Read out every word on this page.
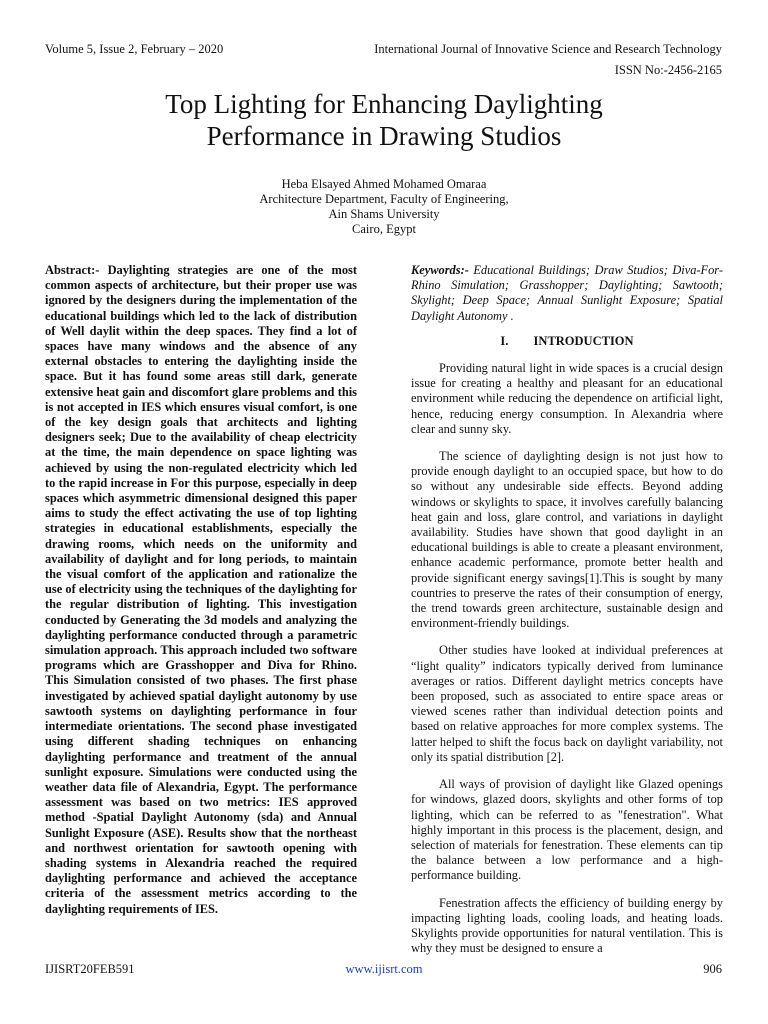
Volume 5, Issue 2, February – 2020	International Journal of Innovative Science and Research Technology
ISSN No:-2456-2165
Top Lighting for Enhancing Daylighting
Performance in Drawing Studios
Heba Elsayed Ahmed Mohamed Omaraa
Architecture Department, Faculty of Engineering,
Ain Shams University
Cairo, Egypt

Abstract:- Daylighting strategies are one of the most common aspects of architecture, but their proper use was ignored by the designers during the implementation of the educational buildings which led to the lack of distribution of Well daylit within the deep spaces. They find a lot of spaces have many windows and the absence of any external obstacles to entering the daylighting inside the space. But it has found some areas still dark, generate extensive heat gain and discomfort glare problems and this is not accepted in IES which ensures visual comfort, is one of the key design goals that architects and lighting designers seek; Due to the availability of cheap electricity at the time, the main dependence on space lighting was achieved by using the non-regulated electricity which led to the rapid increase in For this purpose, especially in deep spaces which asymmetric dimensional designed this paper aims to study the effect activating the use of top lighting strategies in educational establishments, especially the drawing rooms, which needs on the uniformity and availability of daylight and for long periods, to maintain the visual comfort of the application and rationalize the use of electricity using the techniques of the daylighting for the regular distribution of lighting. This investigation conducted by Generating the 3d models and analyzing the daylighting performance conducted through a parametric simulation approach. This approach included two software programs which are Grasshopper and Diva for Rhino. This Simulation consisted of two phases. The first phase investigated by achieved spatial daylight autonomy by use sawtooth systems on daylighting performance in four intermediate orientations. The second phase investigated using different shading techniques on enhancing daylighting performance and treatment of the annual sunlight exposure. Simulations were conducted using the weather data file of Alexandria, Egypt. The performance assessment was based on two metrics: IES approved method -Spatial Daylight Autonomy (sda) and Annual Sunlight Exposure (ASE). Results show that the northeast and northwest orientation for sawtooth opening with shading systems in Alexandria reached the required daylighting performance and achieved the acceptance criteria of the assessment metrics according to the daylighting requirements of IES.

Keywords:- Educational Buildings; Draw Studios; Diva-For-Rhino Simulation; Grasshopper; Daylighting; Sawtooth; Skylight; Deep Space; Annual Sunlight Exposure; Spatial Daylight Autonomy .

I. INTRODUCTION

Providing natural light in wide spaces is a crucial design issue for creating a healthy and pleasant for an educational environment while reducing the dependence on artificial light, hence, reducing energy consumption. In Alexandria where clear and sunny sky.

The science of daylighting design is not just how to provide enough daylight to an occupied space, but how to do so without any undesirable side effects. Beyond adding windows or skylights to space, it involves carefully balancing heat gain and loss, glare control, and variations in daylight availability. Studies have shown that good daylight in an educational buildings is able to create a pleasant environment, enhance academic performance, promote better health and provide significant energy savings[1].This is sought by many countries to preserve the rates of their consumption of energy, the trend towards green architecture, sustainable design and environment-friendly buildings.

Other studies have looked at individual preferences at “light quality” indicators typically derived from luminance averages or ratios. Different daylight metrics concepts have been proposed, such as associated to entire space areas or viewed scenes rather than individual detection points and based on relative approaches for more complex systems. The latter helped to shift the focus back on daylight variability, not only its spatial distribution [2].

All ways of provision of daylight like Glazed openings for windows, glazed doors, skylights and other forms of top lighting, which can be referred to as "fenestration". What highly important in this process is the placement, design, and selection of materials for fenestration. These elements can tip the balance between a low performance and a high-performance building.

Fenestration affects the efficiency of building energy by impacting lighting loads, cooling loads, and heating loads. Skylights provide opportunities for natural ventilation. This is why they must be designed to ensure a

IJISRT20FEB591	www.ijisrt.com	906
